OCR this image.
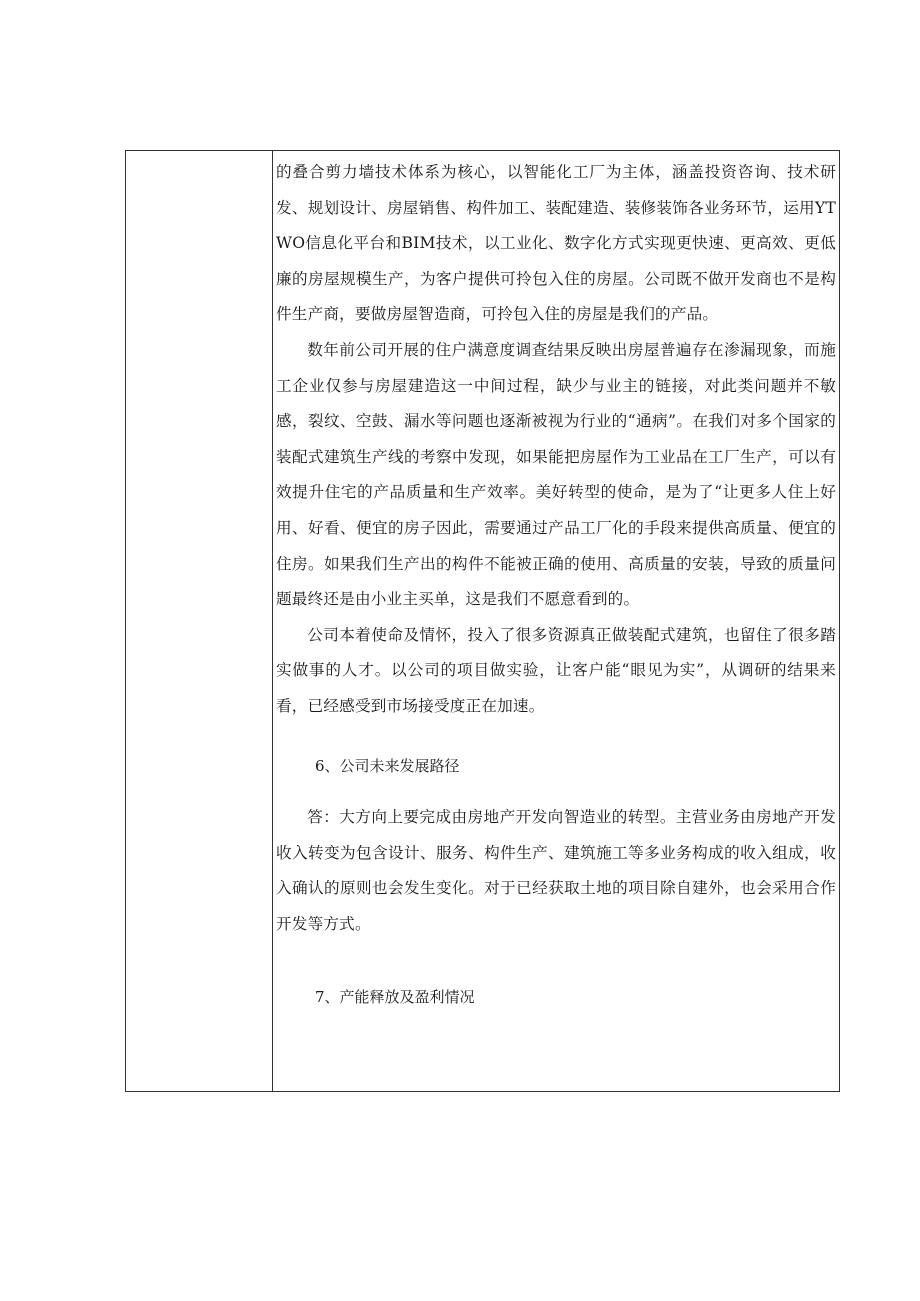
的叠合剪力墙技术体系为核心，以智能化工厂为主体，涵盖投资咨询、技术研发、规划设计、房屋销售、构件加工、装配建造、装修装饰各业务环节，运用YTWO信息化平台和BIM技术，以工业化、数字化方式实现更快速、更高效、更低廉的房屋规模生产，为客户提供可拎包入住的房屋。公司既不做开发商也不是构件生产商，要做房屋智造商，可拎包入住的房屋是我们的产品。

数年前公司开展的住户满意度调查结果反映出房屋普遍存在渗漏现象，而施工企业仅参与房屋建造这一中间过程，缺少与业主的链接，对此类问题并不敏感，裂纹、空鼓、漏水等问题也逐渐被视为行业的“通病”。在我们对多个国家的装配式建筑生产线的考察中发现，如果能把房屋作为工业品在工厂生产，可以有效提升住宅的产品质量和生产效率。美好转型的使命，是为了“让更多人住上好用、好看、便宜的房子因此，需要通过产品工厂化的手段来提供高质量、便宜的住房。如果我们生产出的构件不能被正确的使用、高质量的安装，导致的质量问题最终还是由小业主买单，这是我们不愿意看到的。

公司本着使命及情怀，投入了很多资源真正做装配式建筑，也留住了很多踏实做事的人才。以公司的项目做实验，让客户能“眼见为实”，从调研的结果来看，已经感受到市场接受度正在加速。

6、公司未来发展路径

答：大方向上要完成由房地产开发向智造业的转型。主营业务由房地产开发收入转变为包含设计、服务、构件生产、建筑施工等多业务构成的收入组成，收入确认的原则也会发生变化。对于已经获取土地的项目除自建外，也会采用合作开发等方式。

7、产能释放及盈利情况
